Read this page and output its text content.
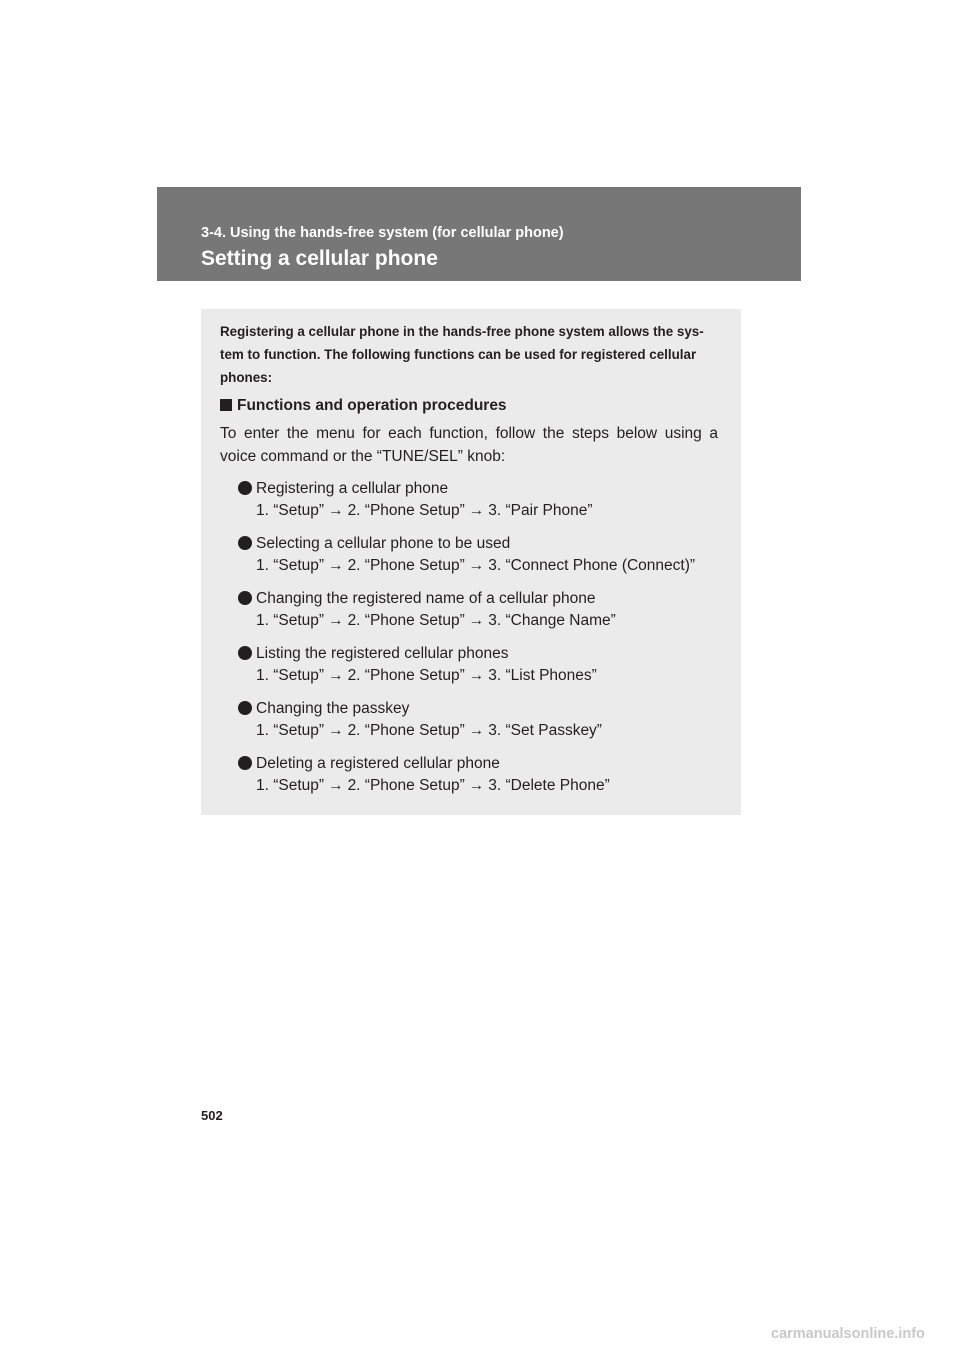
3-4. Using the hands-free system (for cellular phone)
Setting a cellular phone

Registering a cellular phone in the hands-free phone system allows the sys-
tem to function. The following functions can be used for registered cellular
phones:

Functions and operation procedures

To enter the menu for each function, follow the steps below using a voice command or the “TUNE/SEL” knob:

Registering a cellular phone
1. “Setup” → 2. “Phone Setup” → 3. “Pair Phone”
Selecting a cellular phone to be used
1. “Setup” → 2. “Phone Setup” → 3. “Connect Phone (Connect)”
Changing the registered name of a cellular phone
1. “Setup” → 2. “Phone Setup” → 3. “Change Name”
Listing the registered cellular phones
1. “Setup” → 2. “Phone Setup” → 3. “List Phones”
Changing the passkey
1. “Setup” → 2. “Phone Setup” → 3. “Set Passkey”
Deleting a registered cellular phone
1. “Setup” → 2. “Phone Setup” → 3. “Delete Phone”
502
carmanualsonline.info
